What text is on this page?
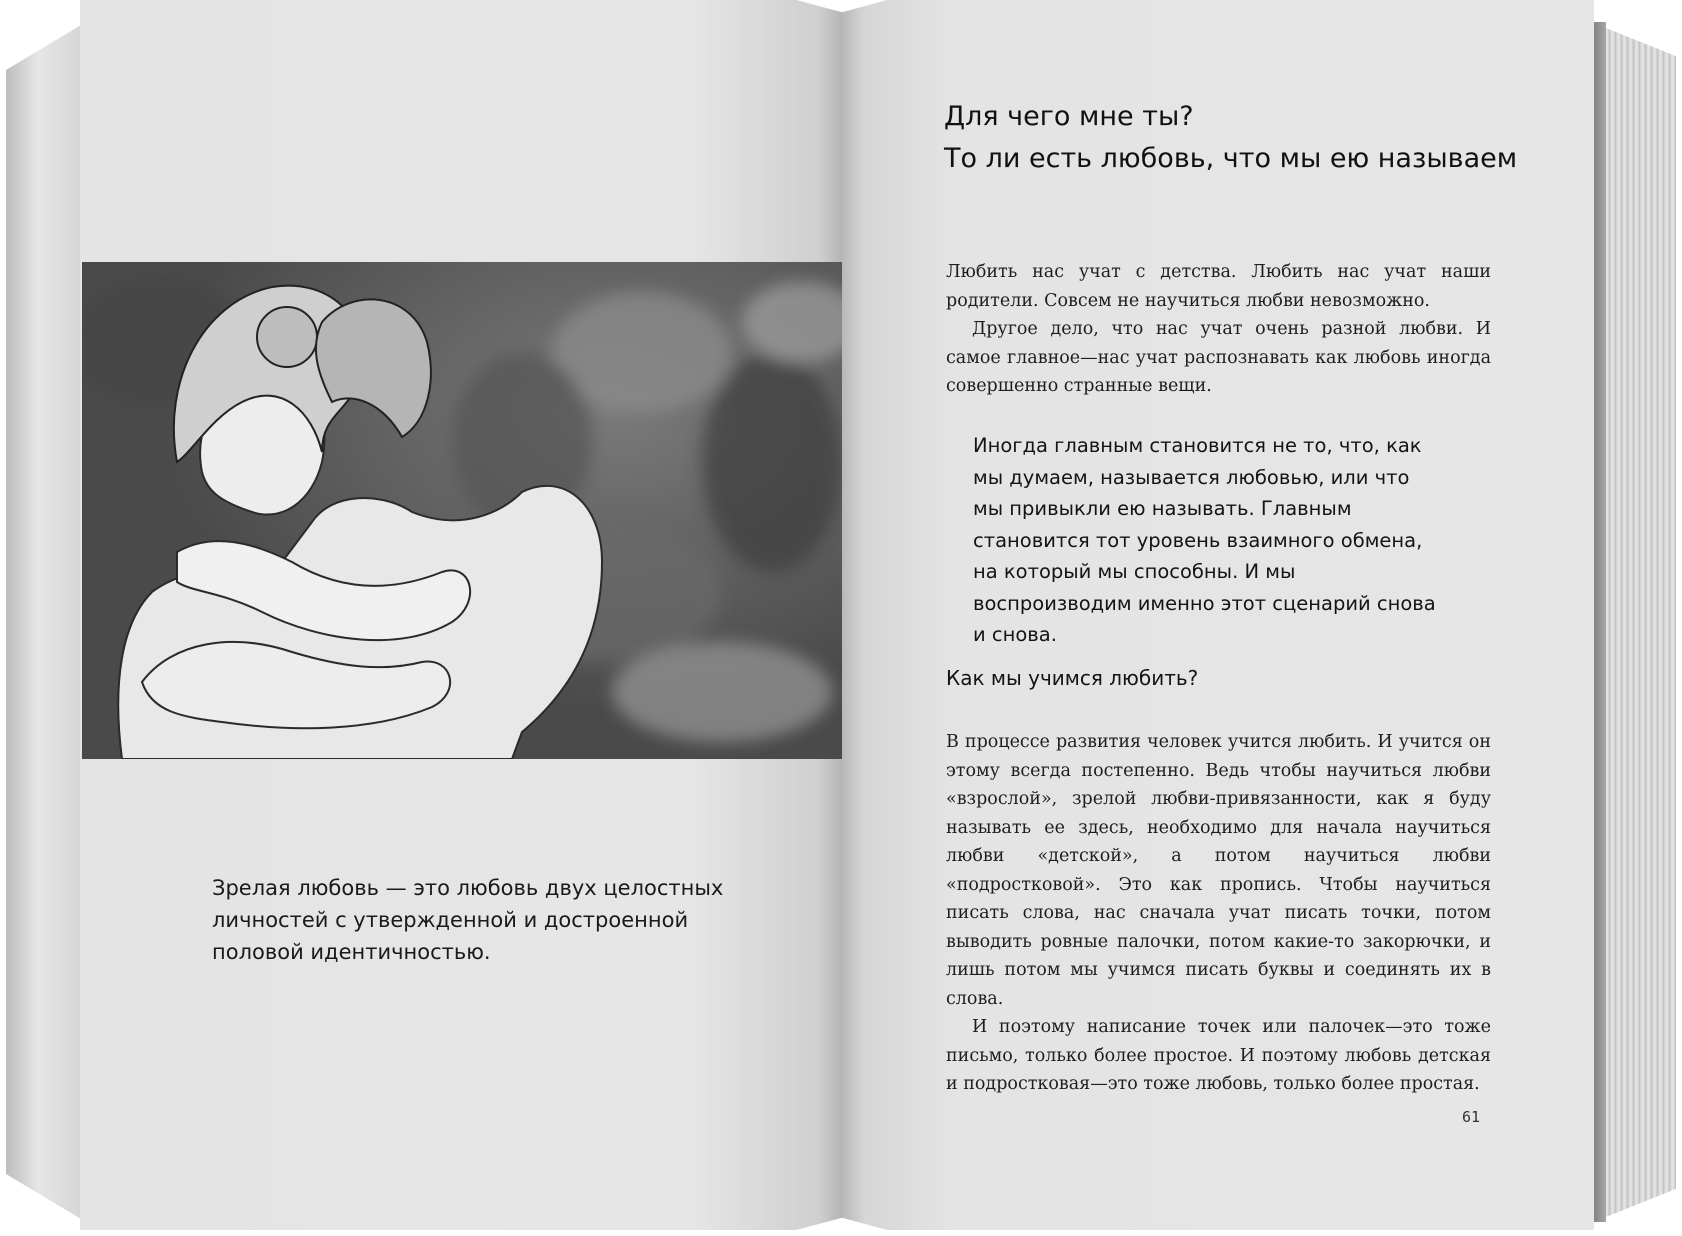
Зрелая любовь — это любовь двух целостных личностей с утвержденной и достроенной половой идентичностью.
Для чего мне ты?
То ли есть любовь, что мы ею называем

Любить нас учат с детства. Любить нас учат наши родители. Совсем не научиться любви невозможно.

Другое дело, что нас учат очень разной любви. И самое главное—нас учат распознавать как любовь иногда совершенно странные вещи.

Иногда главным становится не то, что, как мы думаем, называется любовью, или что мы привыкли ею называть. Главным становится тот уровень взаимного обмена, на который мы способны. И мы воспроизводим именно этот сценарий снова и снова.
Как мы учимся любить?

В процессе развития человек учится любить. И учится он этому всегда постепенно. Ведь чтобы научиться любви «взрослой», зрелой любви-привязанности, как я буду называть ее здесь, необходимо для начала научиться любви «детской», а потом научиться любви «подростковой». Это как пропись. Чтобы научиться писать слова, нас сначала учат писать точки, потом выводить ровные палочки, потом какие-то закорючки, и лишь потом мы учимся писать буквы и соединять их в слова.

И поэтому написание точек или палочек—это тоже письмо, только более простое. И поэтому любовь детская и подростковая—это тоже любовь, только более простая.

61
